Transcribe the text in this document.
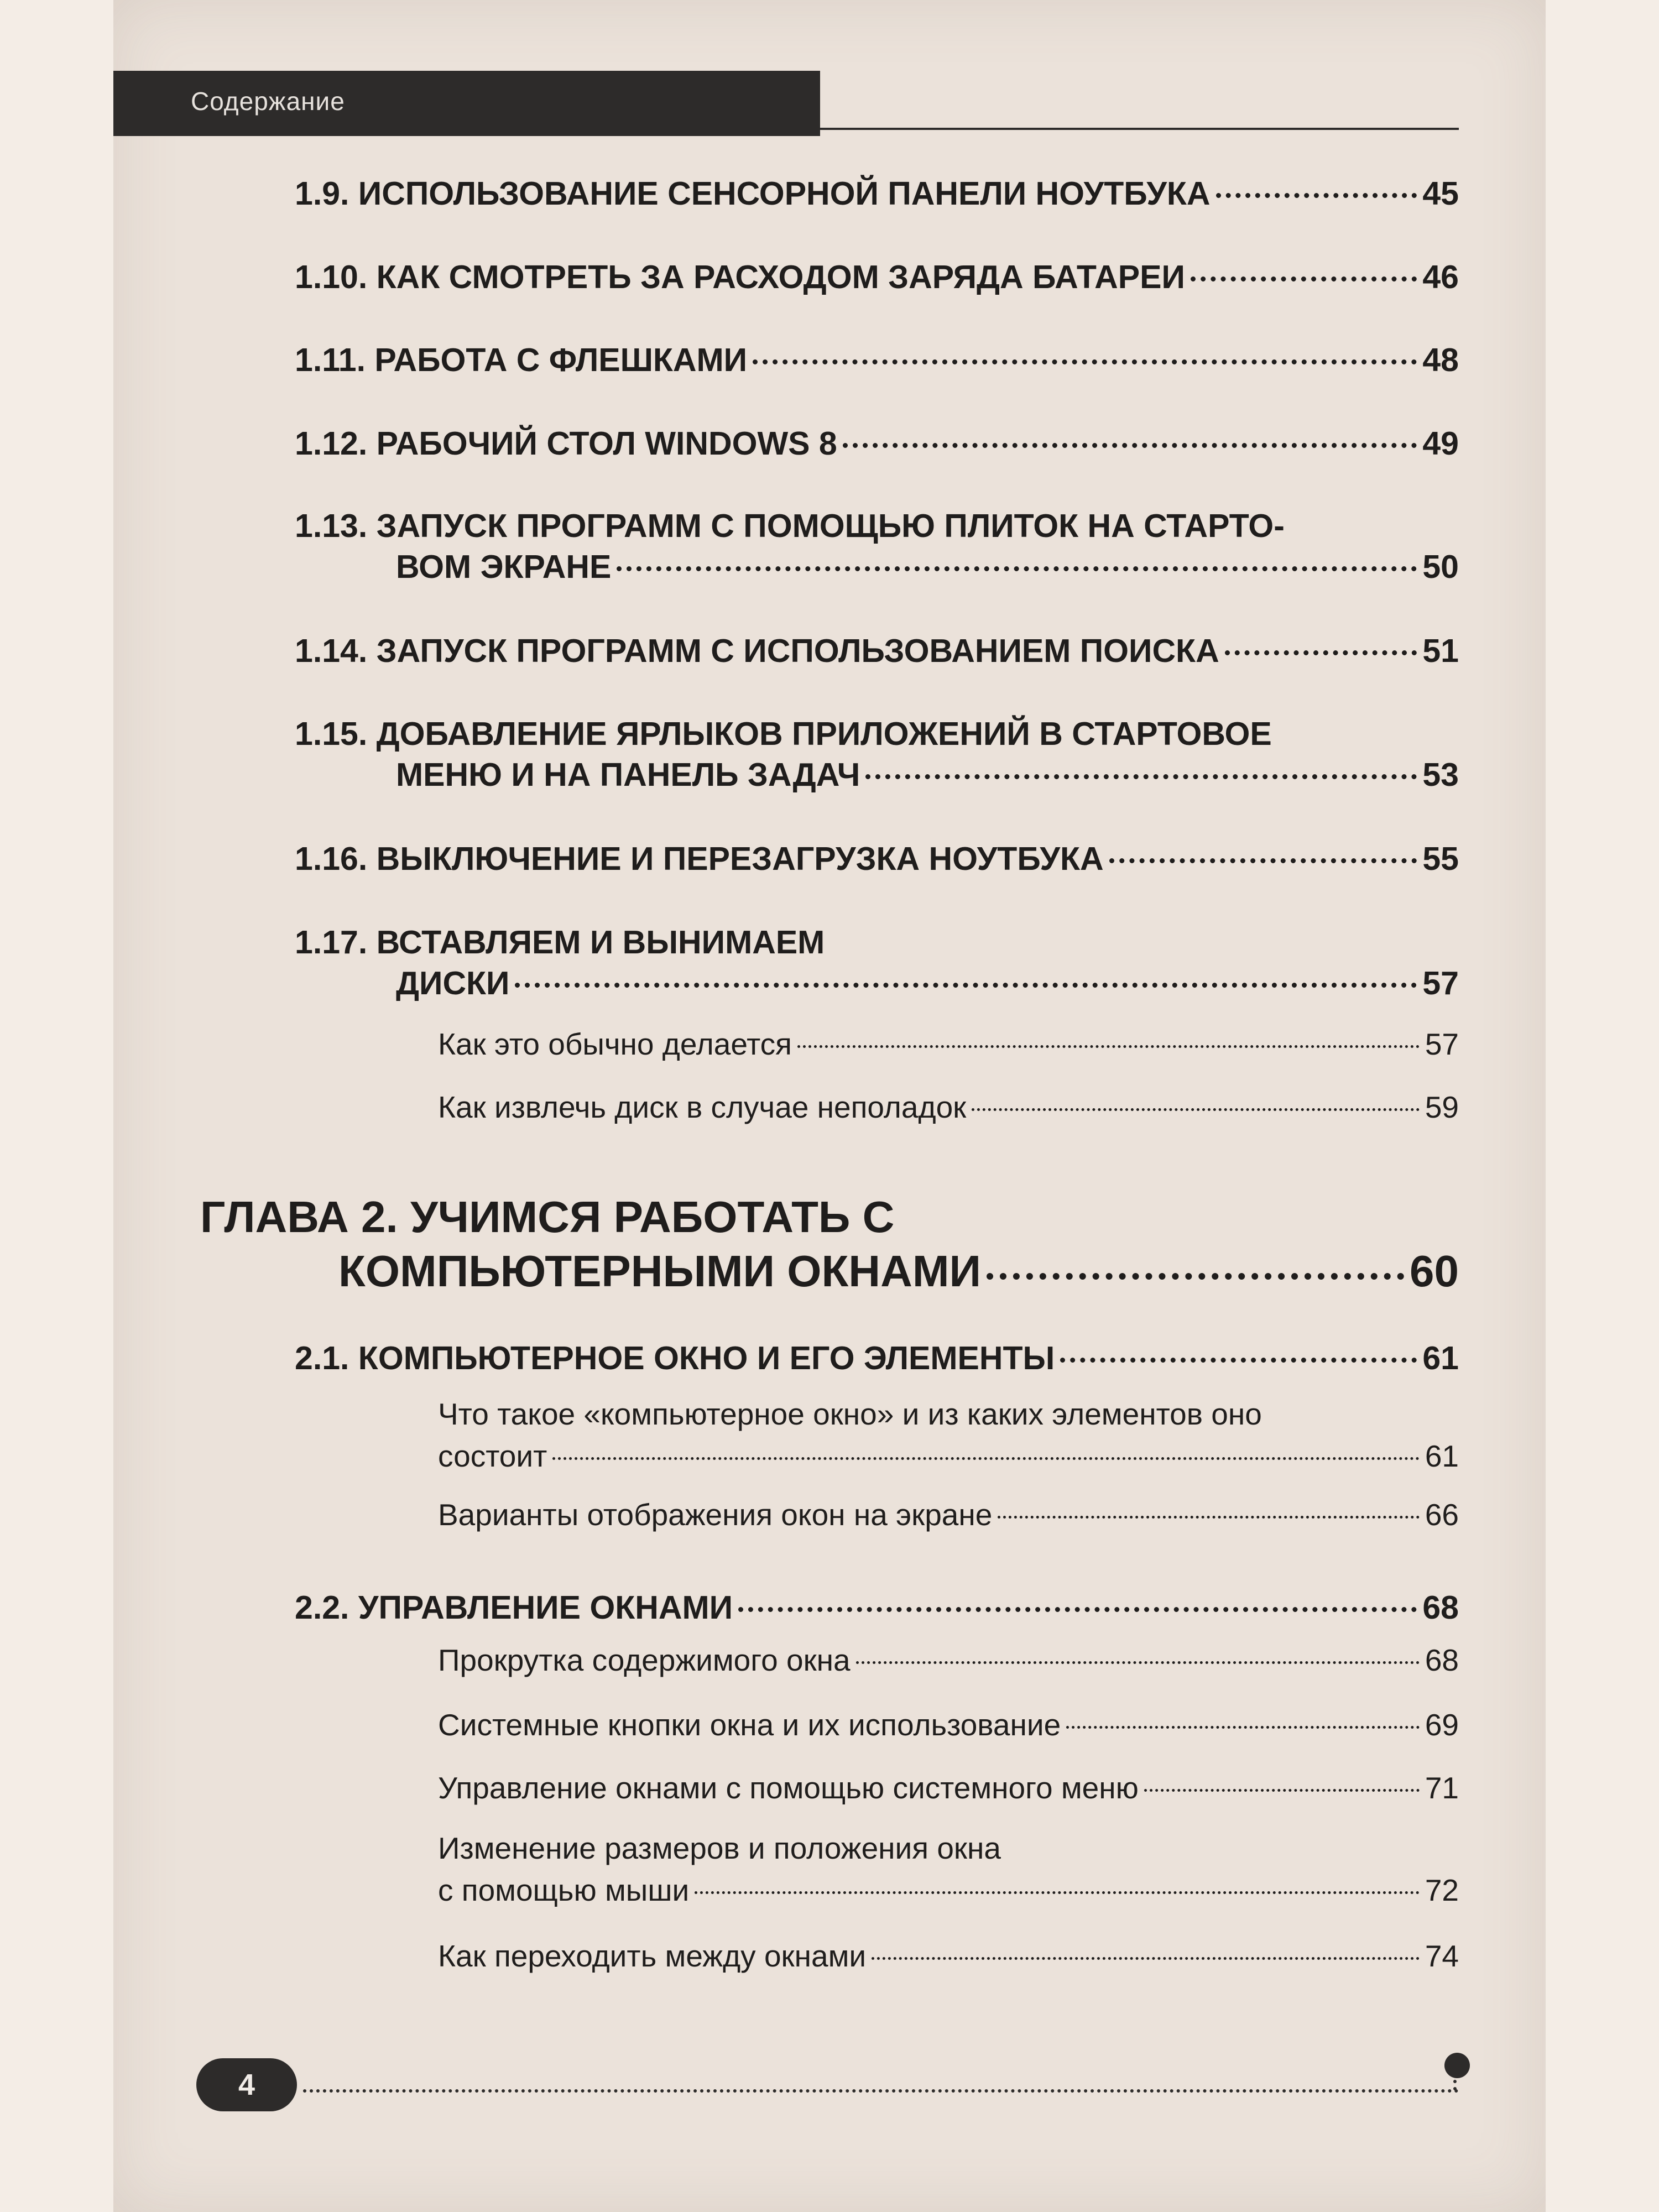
Содержание
1.9. ИСПОЛЬЗОВАНИЕ СЕНСОРНОЙ ПАНЕЛИ НОУТБУКА	45
1.10. КАК СМОТРЕТЬ ЗА РАСХОДОМ ЗАРЯДА БАТАРЕИ	46
1.11. РАБОТА С ФЛЕШКАМИ	48
1.12. РАБОЧИЙ СТОЛ WINDOWS 8	49
1.13. ЗАПУСК ПРОГРАММ С ПОМОЩЬЮ ПЛИТОК НА СТАРТО-
ВОМ ЭКРАНЕ	50
1.14. ЗАПУСК ПРОГРАММ С ИСПОЛЬЗОВАНИЕМ ПОИСКА	51
1.15. ДОБАВЛЕНИЕ ЯРЛЫКОВ ПРИЛОЖЕНИЙ В СТАРТОВОЕ
МЕНЮ И НА ПАНЕЛЬ ЗАДАЧ	53
1.16. ВЫКЛЮЧЕНИЕ И ПЕРЕЗАГРУЗКА НОУТБУКА	55
1.17. ВСТАВЛЯЕМ И ВЫНИМАЕМ
ДИСКИ	57
Как это обычно делается	57
Как извлечь диск в случае неполадок	59
ГЛАВА 2. УЧИМСЯ РАБОТАТЬ С
КОМПЬЮТЕРНЫМИ ОКНАМИ	60
2.1. КОМПЬЮТЕРНОЕ ОКНО И ЕГО ЭЛЕМЕНТЫ	61
Что такое «компьютерное окно» и из каких элементов оно
состоит	61
Варианты отображения окон на экране	66
2.2. УПРАВЛЕНИЕ ОКНАМИ	68
Прокрутка содержимого окна	68
Системные кнопки окна и их использование	69
Управление окнами с помощью системного меню	71
Изменение размеров и положения окна
с помощью мыши	72
Как переходить между окнами	74
4
